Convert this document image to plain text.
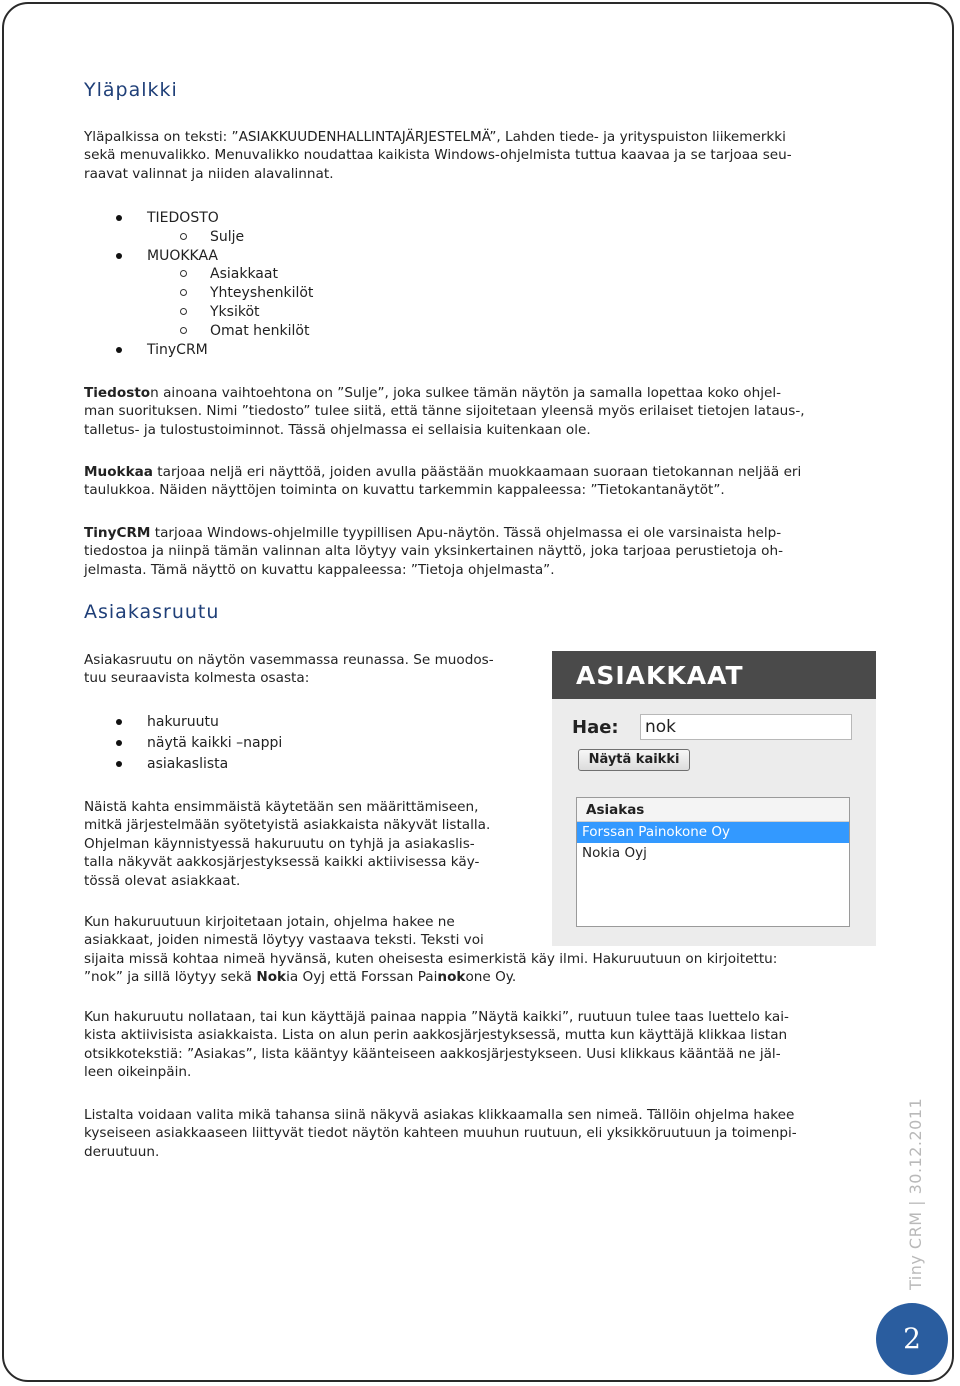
Yläpalkki

Yläpalkissa on teksti: ”ASIAKKUUDENHALLINTAJÄRJESTELMÄ”, Lahden tiede- ja yrityspuiston liikemerkki

sekä menuvalikko. Menuvalikko noudattaa kaikista Windows-ohjelmista tuttua kaavaa ja se tarjoaa seu-

raavat valinnat ja niiden alavalinnat.

TIEDOSTO
Sulje
MUOKKAA
Asiakkaat
Yhteyshenkilöt
Yksiköt
Omat henkilöt
TinyCRM

Tiedoston ainoana vaihtoehtona on ”Sulje”, joka sulkee tämän näytön ja samalla lopettaa koko ohjel-

man suorituksen. Nimi ”tiedosto” tulee siitä, että tänne sijoitetaan yleensä myös erilaiset tietojen lataus-,

talletus- ja tulostustoiminnot. Tässä ohjelmassa ei sellaisia kuitenkaan ole.

Muokkaa tarjoaa neljä eri näyttöä, joiden avulla päästään muokkaamaan suoraan tietokannan neljää eri

taulukkoa. Näiden näyttöjen toiminta on kuvattu tarkemmin kappaleessa: ”Tietokantanäytöt”.

TinyCRM tarjoaa Windows-ohjelmille tyypillisen Apu-näytön. Tässä ohjelmassa ei ole varsinaista help-

tiedostoa ja niinpä tämän valinnan alta löytyy vain yksinkertainen näyttö, joka tarjoaa perustietoja oh-

jelmasta. Tämä näyttö on kuvattu kappaleessa: ”Tietoja ohjelmasta”.

Asiakasruutu

Asiakasruutu on näytön vasemmassa reunassa. Se muodos-

tuu seuraavista kolmesta osasta:

hakuruutu
näytä kaikki –nappi
asiakaslista

Näistä kahta ensimmäistä käytetään sen määrittämiseen,

mitkä järjestelmään syötetyistä asiakkaista näkyvät listalla.

Ohjelman käynnistyessä hakuruutu on tyhjä ja asiakaslis-

talla näkyvät aakkosjärjestyksessä kaikki aktiivisessa käy-

tössä olevat asiakkaat.

Kun hakuruutuun kirjoitetaan jotain, ohjelma hakee ne

asiakkaat, joiden nimestä löytyy vastaava teksti. Teksti voi

sijaita missä kohtaa nimeä hyvänsä, kuten oheisesta esimerkistä käy ilmi. Hakuruutuun on kirjoitettu:

”nok” ja sillä löytyy sekä Nokia Oyj että Forssan Painokone Oy.

Kun hakuruutu nollataan, tai kun käyttäjä painaa nappia ”Näytä kaikki”, ruutuun tulee taas luettelo kai-

kista aktiivisista asiakkaista. Lista on alun perin aakkosjärjestyksessä, mutta kun käyttäjä klikkaa listan

otsikkotekstiä: ”Asiakas”, lista kääntyy käänteiseen aakkosjärjestykseen. Uusi klikkaus kääntää ne jäl-

leen oikeinpäin.

Listalta voidaan valita mikä tahansa siinä näkyvä asiakas klikkaamalla sen nimeä. Tällöin ohjelma hakee

kyseiseen asiakkaaseen liittyvät tiedot näytön kahteen muuhun ruutuun, eli yksikköruutuun ja toimenpi-

deruutuun.

ASIAKKAAT
Hae: nok
Näytä kaikki
Asiakas
Forssan Painokone Oy
Nokia Oyj
Tiny CRM | 30.12.2011
2
